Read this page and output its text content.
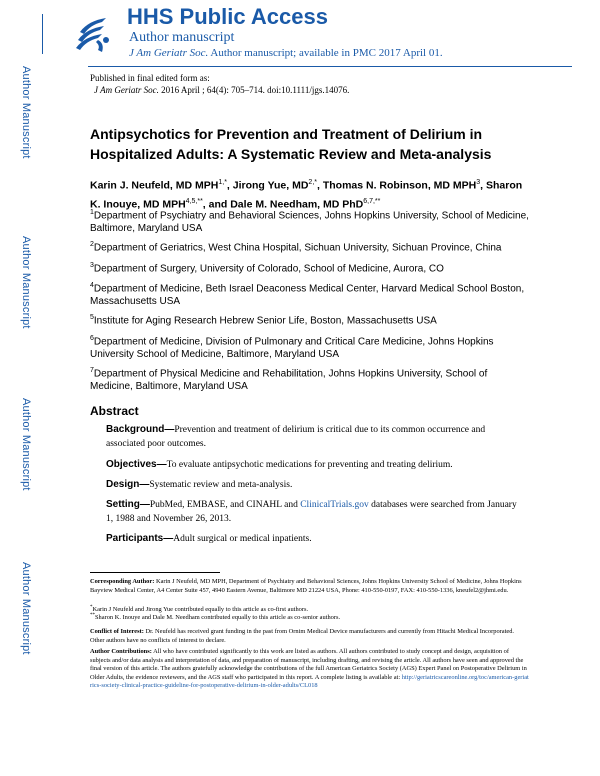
Author Manuscript
Author Manuscript
Author Manuscript
Author Manuscript
HHS Public Access
Author manuscript
J Am Geriatr Soc. Author manuscript; available in PMC 2017 April 01.
Published in final edited form as:
J Am Geriatr Soc. 2016 April ; 64(4): 705–714. doi:10.1111/jgs.14076.
Antipsychotics for Prevention and Treatment of Delirium in Hospitalized Adults: A Systematic Review and Meta-analysis
Karin J. Neufeld, MD $MPH^{1,*}$, Jirong Yue, $MD^{2,*}$, Thomas N. Robinson, MD MPH$^3$, Sharon K. Inouye, MD $MPH^{4,5,**}$, and Dale M. Needham, MD PhD$^{6,7,**}$
$^1$Department of Psychiatry and Behavioral Sciences, Johns Hopkins University, School of Medicine, Baltimore, Maryland USA
$^2$Department of Geriatrics, West China Hospital, Sichuan University, Sichuan Province, China
$^3$Department of Surgery, University of Colorado, School of Medicine, Aurora, CO
$^4$Department of Medicine, Beth Israel Deaconess Medical Center, Harvard Medical School Boston, Massachusetts USA
$^5$Institute for Aging Research Hebrew Senior Life, Boston, Massachusetts USA
$^6$Department of Medicine, Division of Pulmonary and Critical Care Medicine, Johns Hopkins University School of Medicine, Baltimore, Maryland USA
$^7$Department of Physical Medicine and Rehabilitation, Johns Hopkins University, School of Medicine, Baltimore, Maryland USA
Abstract
Background—Prevention and treatment of delirium is critical due to its common occurrence and associated poor outcomes.
Objectives—To evaluate antipsychotic medications for preventing and treating delirium.
Design—Systematic review and meta-analysis.
Setting—PubMed, EMBASE, and CINAHL and ClinicalTrials.gov databases were searched from January 1, 1988 and November 26, 2013.
Participants—Adult surgical or medical inpatients.
Corresponding Author: Karin J Neufeld, MD MPH, Department of Psychiatry and Behavioral Sciences, Johns Hopkins University School of Medicine, Johns Hopkins Bayview Medical Center, A4 Center Suite 457, 4940 Eastern Avenue, Baltimore MD 21224 USA, Phone: 410-550-0197, FAX: 410-550-1336, kneufel2@jhmi.edu.
*Karin J Neufeld and Jirong Yue contributed equally to this article as co-first authors.
**Sharon K. Inouye and Dale M. Needham contributed equally to this article as co-senior authors.
Conflict of Interest: Dr. Neufeld has received grant funding in the past from Ornim Medical Device manufacturers and currently from Hitachi Medical Incorporated. Other authors have no conflicts of interest to declare.
Author Contributions: All who have contributed significantly to this work are listed as authors. All authors contributed to study concept and design, acquisition of subjects and/or data analysis and interpretation of data, and preparation of manuscript, including drafting, and revising the article. All authors have seen and approved the final version of this article. The authors gratefully acknowledge the contributions of the full American Geriatrics Society (AGS) Expert Panel on Postoperative Delirium in Older Adults, the evidence reviewers, and the AGS staff who participated in this report. A complete listing is available at: http://geriatricscareonline.org/toc/american-geriatrics-society-clinical-practice-guideline-for-postoperative-delirium-in-older-adults/CL018
